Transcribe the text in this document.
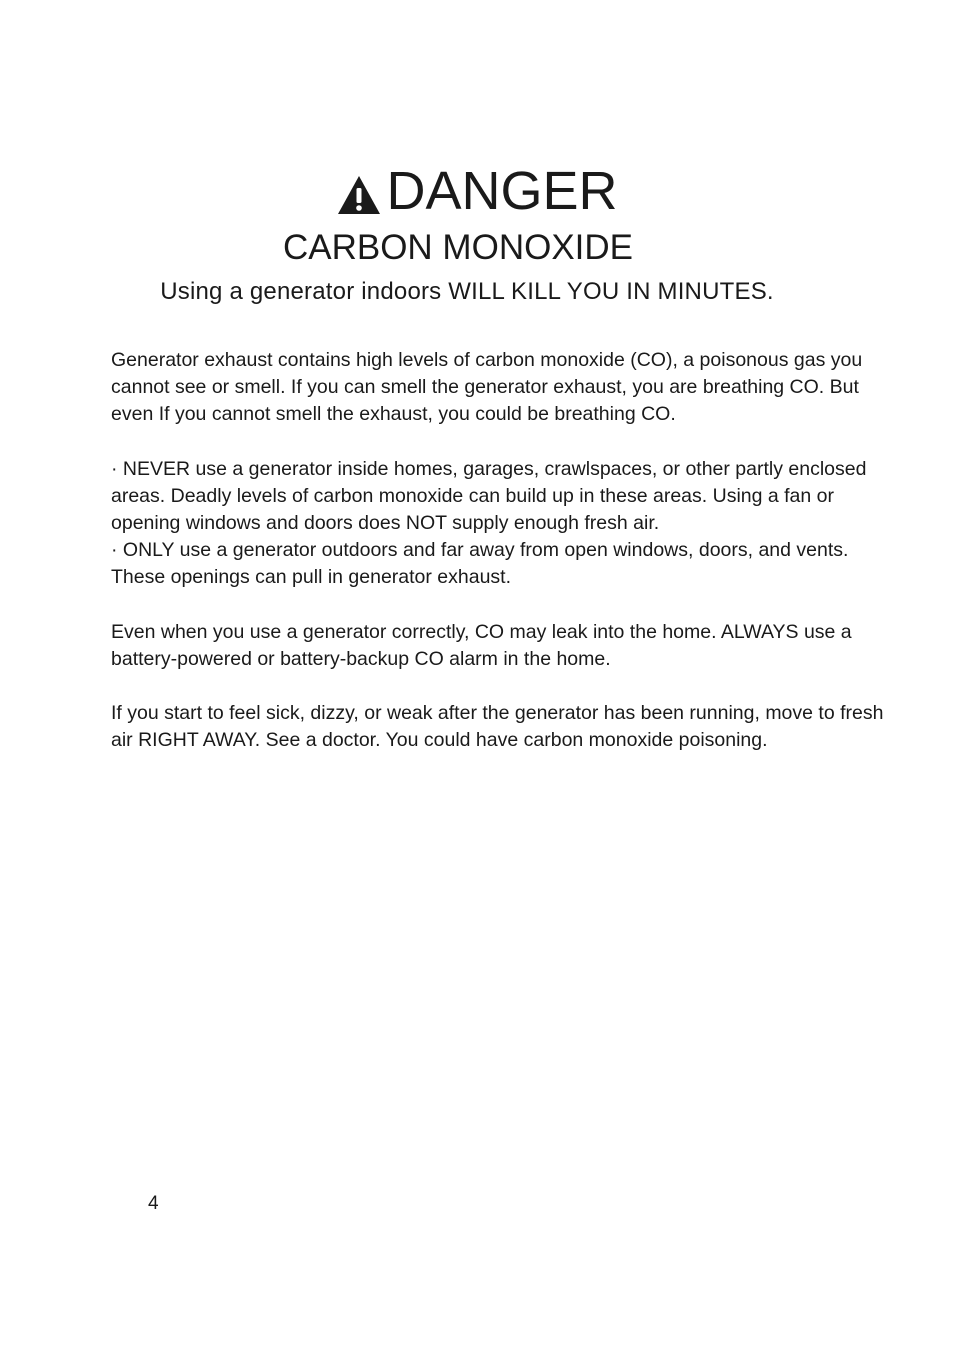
DANGER
CARBON MONOXIDE
Using a generator indoors WILL KILL YOU IN MINUTES.

Generator exhaust contains high levels of carbon monoxide (CO), a poisonous gas you cannot see or smell. If you can smell the generator exhaust, you are breathing CO. But even If you cannot smell the exhaust, you could be breathing CO.

· NEVER use a generator inside homes, garages, crawlspaces, or other partly enclosed areas. Deadly levels of carbon monoxide can build up in these areas. Using a fan or opening windows and doors does NOT supply enough fresh air.

· ONLY use a generator outdoors and far away from open windows, doors, and vents. These openings can pull in generator exhaust.

Even when you use a generator correctly, CO may leak into the home. ALWAYS use a battery-powered or battery-backup CO alarm in the home.

If you start to feel sick, dizzy, or weak after the generator has been running, move to fresh air RIGHT AWAY. See a doctor. You could have carbon monoxide poisoning.

4
